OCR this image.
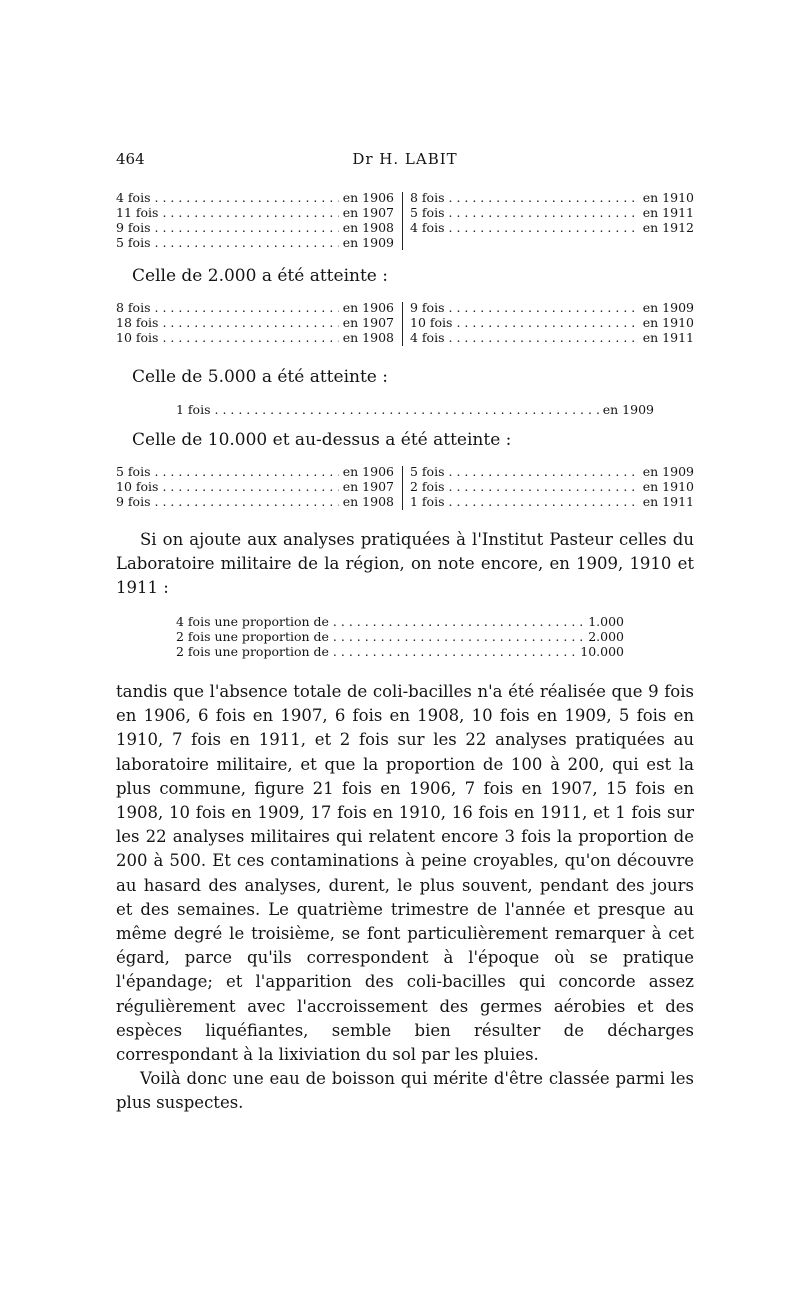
464	Dr H. LABIT
4 fois . . .	en 1906
11 fois . . .	en 1907
9 fois . . .	en 1908
5 fois . . .	en 1909
8 fois . . .	en 1910
5 fois . . .	en 1911
4 fois . . .	en 1912
Celle de 2.000 a été atteinte :
8 fois . . .	en 1906
18 fois . . .	en 1907
10 fois . . .	en 1908
9 fois . . .	en 1909
10 fois . . .	en 1910
4 fois . . .	en 1911
Celle de 5.000 a été atteinte :
1 fois . . .	en 1909
Celle de 10.000 et au-dessus a été atteinte :
5 fois . . .	en 1906
10 fois . . .	en 1907
9 fois . . .	en 1908
5 fois . . .	en 1909
2 fois . . .	en 1910
1 fois . . .	en 1911

Si on ajoute aux analyses pratiquées à l'Institut Pasteur celles du Laboratoire militaire de la région, on note encore, en 1909, 1910 et 1911 :

4 fois une proportion de . . .	1.000
2 fois une proportion de . . .	2.000
2 fois une proportion de . . .	10.000

tandis que l'absence totale de coli-bacilles n'a été réalisée que 9 fois en 1906, 6 fois en 1907, 6 fois en 1908, 10 fois en 1909, 5 fois en 1910, 7 fois en 1911, et 2 fois sur les 22 analyses pratiquées au laboratoire militaire, et que la proportion de 100 à 200, qui est la plus commune, figure 21 fois en 1906, 7 fois en 1907, 15 fois en 1908, 10 fois en 1909, 17 fois en 1910, 16 fois en 1911, et 1 fois sur les 22 analyses militaires qui relatent encore 3 fois la proportion de 200 à 500. Et ces contaminations à peine croyables, qu'on découvre au hasard des analyses, durent, le plus souvent, pendant des jours et des semaines. Le quatrième trimestre de l'année et presque au même degré le troisième, se font particulièrement remarquer à cet égard, parce qu'ils correspondent à l'époque où se pratique l'épandage; et l'apparition des coli-bacilles qui concorde assez régulièrement avec l'accroissement des germes aérobies et des espèces liquéfiantes, semble bien résulter de décharges correspondant à la lixiviation du sol par les pluies.

Voilà donc une eau de boisson qui mérite d'être classée parmi les plus suspectes.
